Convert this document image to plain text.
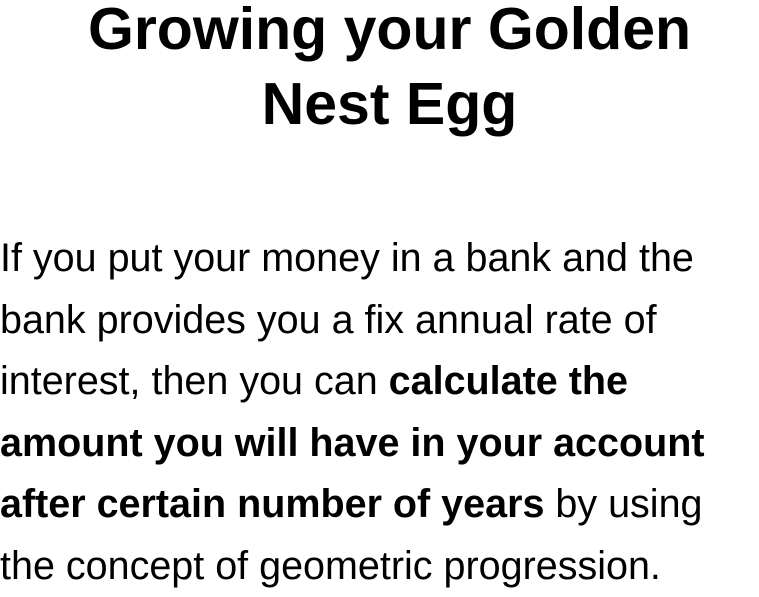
Growing your Golden
Nest Egg

If you put your money in a bank and the
bank provides you a fix annual rate of
interest, then you can calculate the
amount you will have in your account
after certain number of years by using
the concept of geometric progression.
